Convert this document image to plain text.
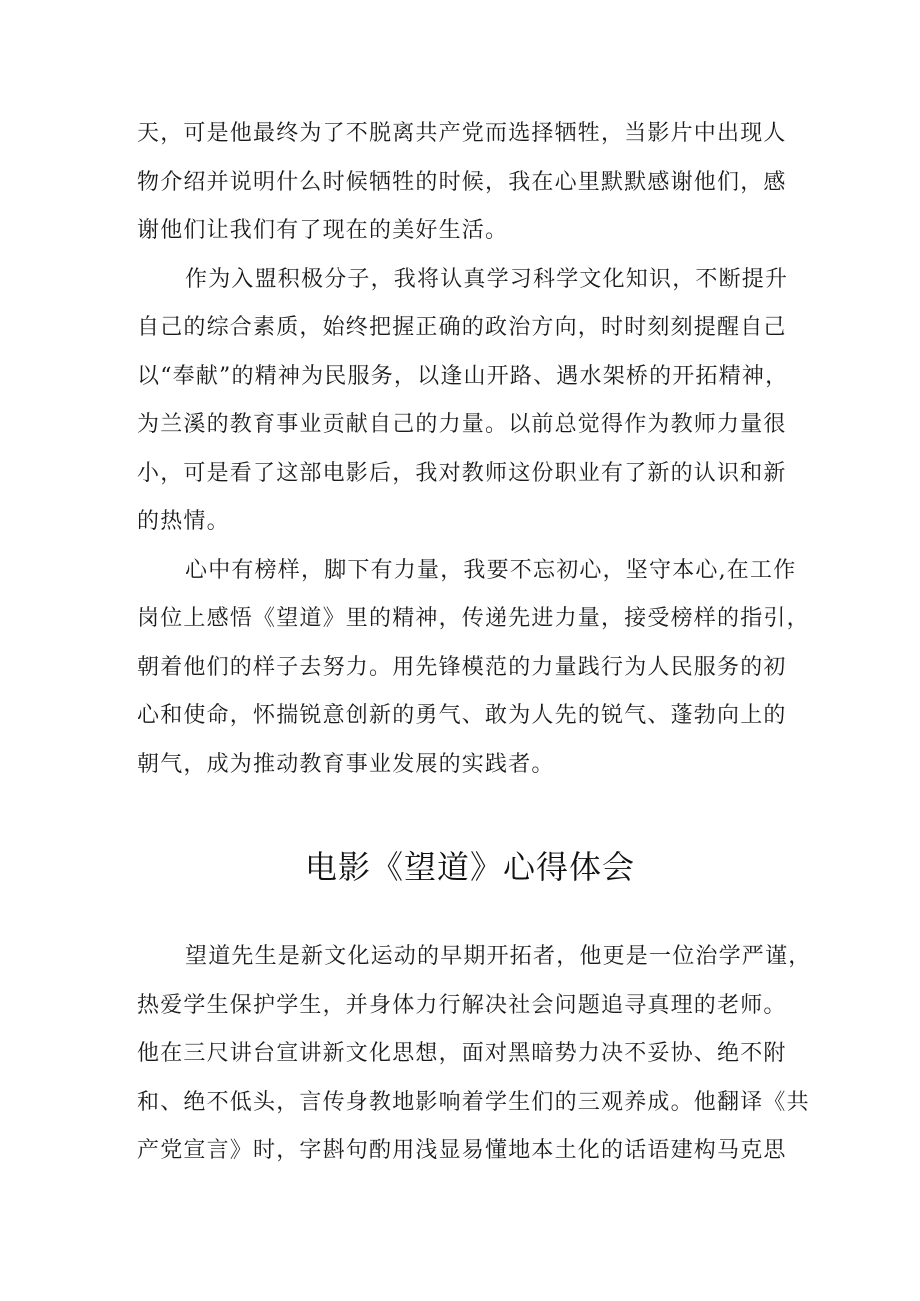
天，可是他最终为了不脱离共产党而选择牺牲，当影片中出现人

物介绍并说明什么时候牺牲的时候，我在心里默默感谢他们，感

谢他们让我们有了现在的美好生活。

作为入盟积极分子，我将认真学习科学文化知识，不断提升

自己的综合素质，始终把握正确的政治方向，时时刻刻提醒自己

以“奉献”的精神为民服务，以逢山开路、遇水架桥的开拓精神，

为兰溪的教育事业贡献自己的力量。以前总觉得作为教师力量很

小，可是看了这部电影后，我对教师这份职业有了新的认识和新

的热情。

心中有榜样，脚下有力量，我要不忘初心，坚守本心,在工作

岗位上感悟《望道》里的精神，传递先进力量，接受榜样的指引，

朝着他们的样子去努力。用先锋模范的力量践行为人民服务的初

心和使命，怀揣锐意创新的勇气、敢为人先的锐气、蓬勃向上的

朝气，成为推动教育事业发展的实践者。

电影《望道》心得体会

望道先生是新文化运动的早期开拓者，他更是一位治学严谨，

热爱学生保护学生，并身体力行解决社会问题追寻真理的老师。

他在三尺讲台宣讲新文化思想，面对黑暗势力决不妥协、绝不附

和、绝不低头，言传身教地影响着学生们的三观养成。他翻译《共

产党宣言》时，字斟句酌用浅显易懂地本土化的话语建构马克思
